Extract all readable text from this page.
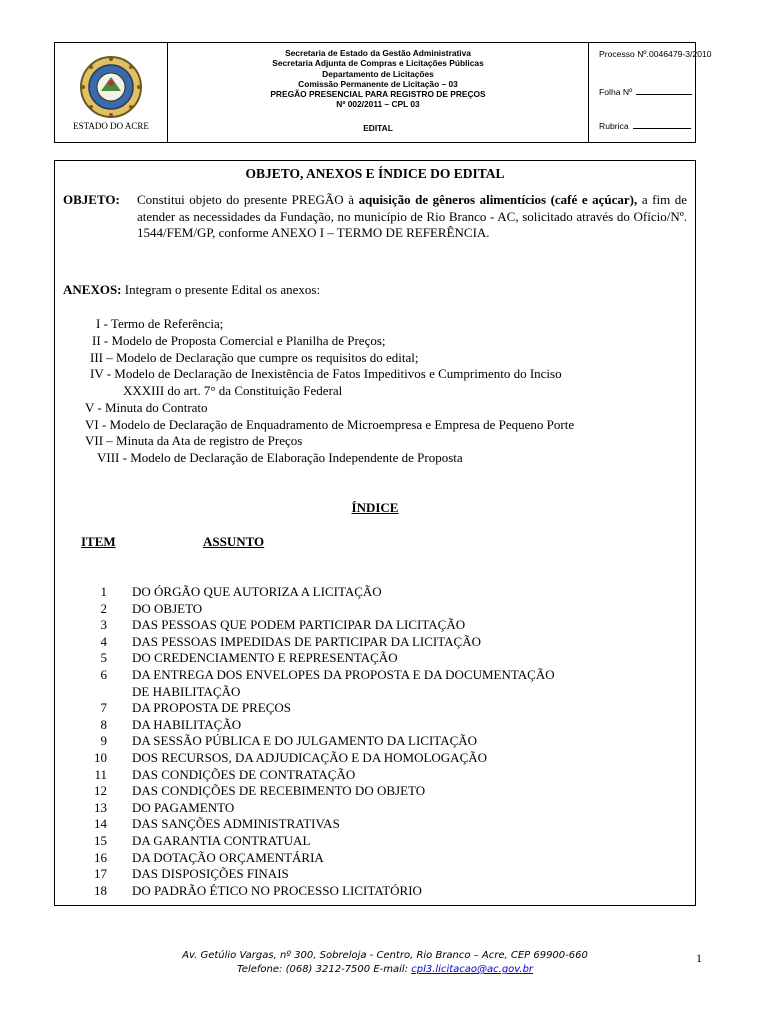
ESTADO DO ACRE
Secretaria de Estado da Gestão Administrativa
Secretaria Adjunta de Compras e Licitações Públicas
Departamento de Licitações
Comissão Permanente de Licitação – 03
PREGÃO PRESENCIAL PARA REGISTRO DE PREÇOS
Nº 002/2011 – CPL 03
EDITAL
Processo Nº.0046479-3/2010
Folha Nº
Rubrica
OBJETO, ANEXOS E ÍNDICE DO EDITAL
OBJETO:	Constitui objeto do presente PREGÃO à aquisição de gêneros alimentícios (café e açúcar), a fim de atender as necessidades da Fundação, no município de Rio Branco - AC, solicitado através do Ofício/Nº. 1544/FEM/GP, conforme ANEXO I – TERMO DE REFERÊNCIA.
ANEXOS: Integram o presente Edital os anexos:
I - Termo de Referência;
II - Modelo de Proposta Comercial e Planilha de Preços;
III – Modelo de Declaração que cumpre os requisitos do edital;
IV - Modelo de Declaração de Inexistência de Fatos Impeditivos e Cumprimento do Inciso
XXXIII do art. 7° da Constituição Federal
V - Minuta do Contrato
VI - Modelo de Declaração de Enquadramento de Microempresa e Empresa de Pequeno Porte
VII – Minuta da Ata de registro de Preços
VIII - Modelo de Declaração de Elaboração Independente de Proposta
ÍNDICE
ITEM	ASSUNTO
1 DO ÓRGÃO QUE AUTORIZA A LICITAÇÃO
2 DO OBJETO
3 DAS PESSOAS QUE PODEM PARTICIPAR DA LICITAÇÃO
4 DAS PESSOAS IMPEDIDAS DE PARTICIPAR DA LICITAÇÃO
5 DO CREDENCIAMENTO E REPRESENTAÇÃO
6 DA ENTREGA DOS ENVELOPES DA PROPOSTA E DA DOCUMENTAÇÃO
DE HABILITAÇÃO
7 DA PROPOSTA DE PREÇOS
8 DA HABILITAÇÃO
9 DA SESSÃO PÚBLICA E DO JULGAMENTO DA LICITAÇÃO
10 DOS RECURSOS, DA ADJUDICAÇÃO E DA HOMOLOGAÇÃO
11 DAS CONDIÇÕES DE CONTRATAÇÃO
12 DAS CONDIÇÕES DE RECEBIMENTO DO OBJETO
13 DO PAGAMENTO
14 DAS SANÇÕES ADMINISTRATIVAS
15 DA GARANTIA CONTRATUAL
16 DA DOTAÇÃO ORÇAMENTÁRIA
17 DAS DISPOSIÇÕES FINAIS
18 DO PADRÃO ÉTICO NO PROCESSO LICITATÓRIO
Av. Getúlio Vargas, nº 300, Sobreloja - Centro, Rio Branco – Acre, CEP 69900-660
Telefone: (068) 3212-7500 E-mail: cpl3.licitacao@ac.gov.br
1
